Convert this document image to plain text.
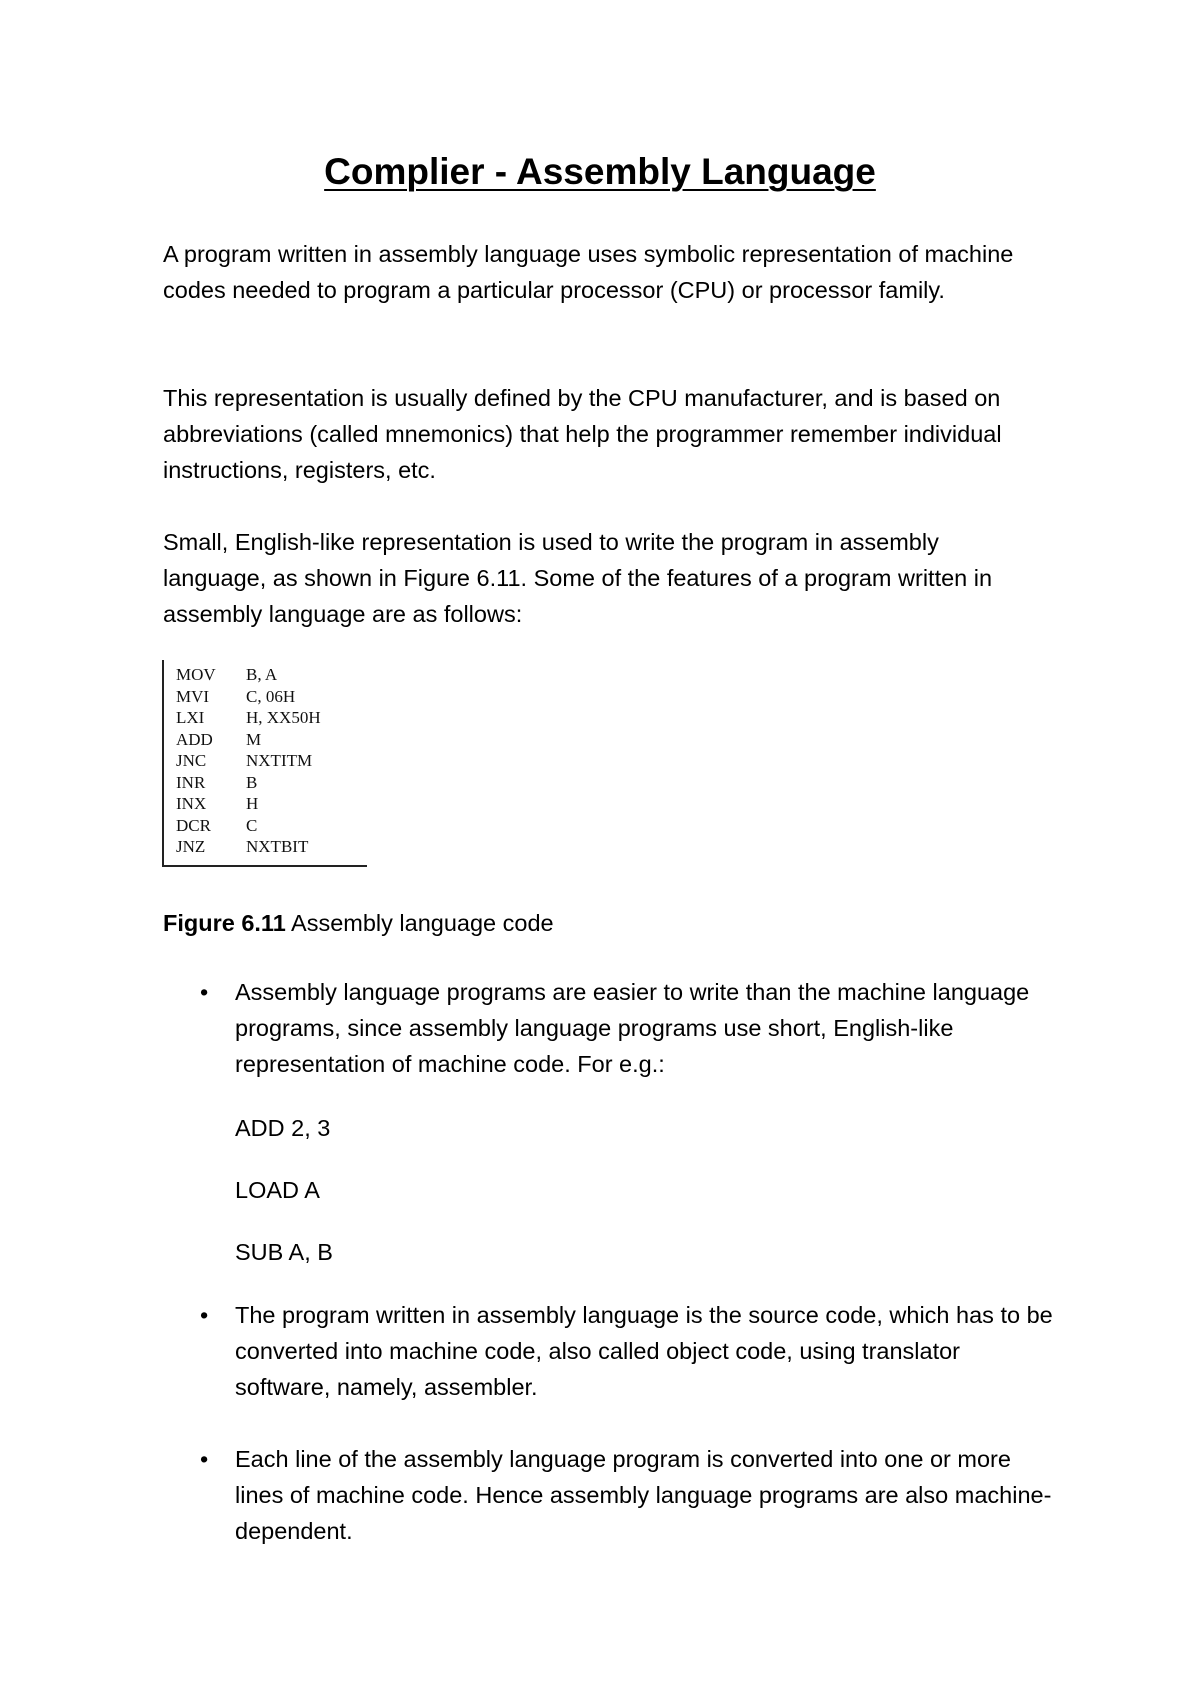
Complier - Assembly Language

A program written in assembly language uses symbolic representation of machine codes needed to program a particular processor (CPU) or processor family.

This representation is usually defined by the CPU manufacturer, and is based on abbreviations (called mnemonics) that help the programmer remember individual instructions, registers, etc.

Small, English-like representation is used to write the program in assembly language, as shown in Figure 6.11. Some of the features of a program written in assembly language are as follows:

MOV	B, A
MVI	C, 06H
LXI	H, XX50H
ADD	M
JNC	NXTITM
INR	B
INX	H
DCR	C
JNZ	NXTBIT

Figure 6.11 Assembly language code

•	Assembly language programs are easier to write than the machine language programs, since assembly language programs use short, English-like representation of machine code. For e.g.:

ADD 2, 3

LOAD A

SUB A, B

•	The program written in assembly language is the source code, which has to be converted into machine code, also called object code, using translator software, namely, assembler.
•	Each line of the assembly language program is converted into one or more lines of machine code. Hence assembly language programs are also machine-dependent.
